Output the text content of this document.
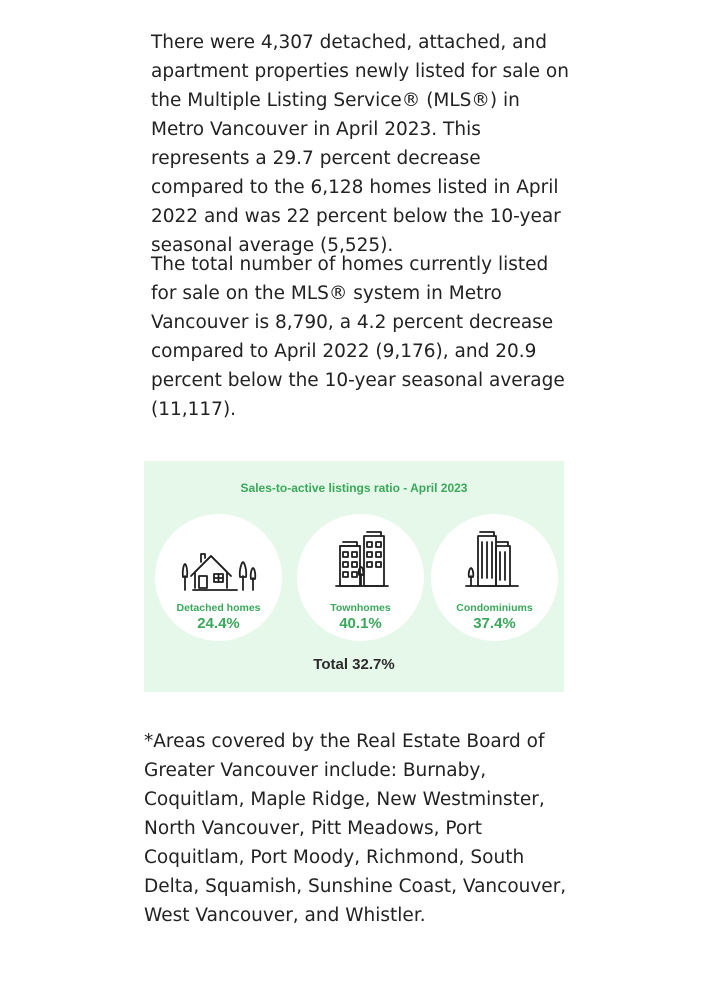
There were 4,307 detached, attached, and apartment properties newly listed for sale on the Multiple Listing Service® (MLS®) in Metro Vancouver in April 2023. This represents a 29.7 percent decrease compared to the 6,128 homes listed in April 2022 and was 22 percent below the 10-year seasonal average (5,525).

The total number of homes currently listed for sale on the MLS® system in Metro Vancouver is 8,790, a 4.2 percent decrease compared to April 2022 (9,176), and 20.9 percent below the 10-year seasonal average (11,117).

Sales-to-active listings ratio - April 2023
Detached homes
24.4%
Townhomes
40.1%
Condominiums
37.4%
Total 32.7%

*Areas covered by the Real Estate Board of Greater Vancouver include: Burnaby, Coquitlam, Maple Ridge, New Westminster, North Vancouver, Pitt Meadows, Port Coquitlam, Port Moody, Richmond, South Delta, Squamish, Sunshine Coast, Vancouver, West Vancouver, and Whistler.
